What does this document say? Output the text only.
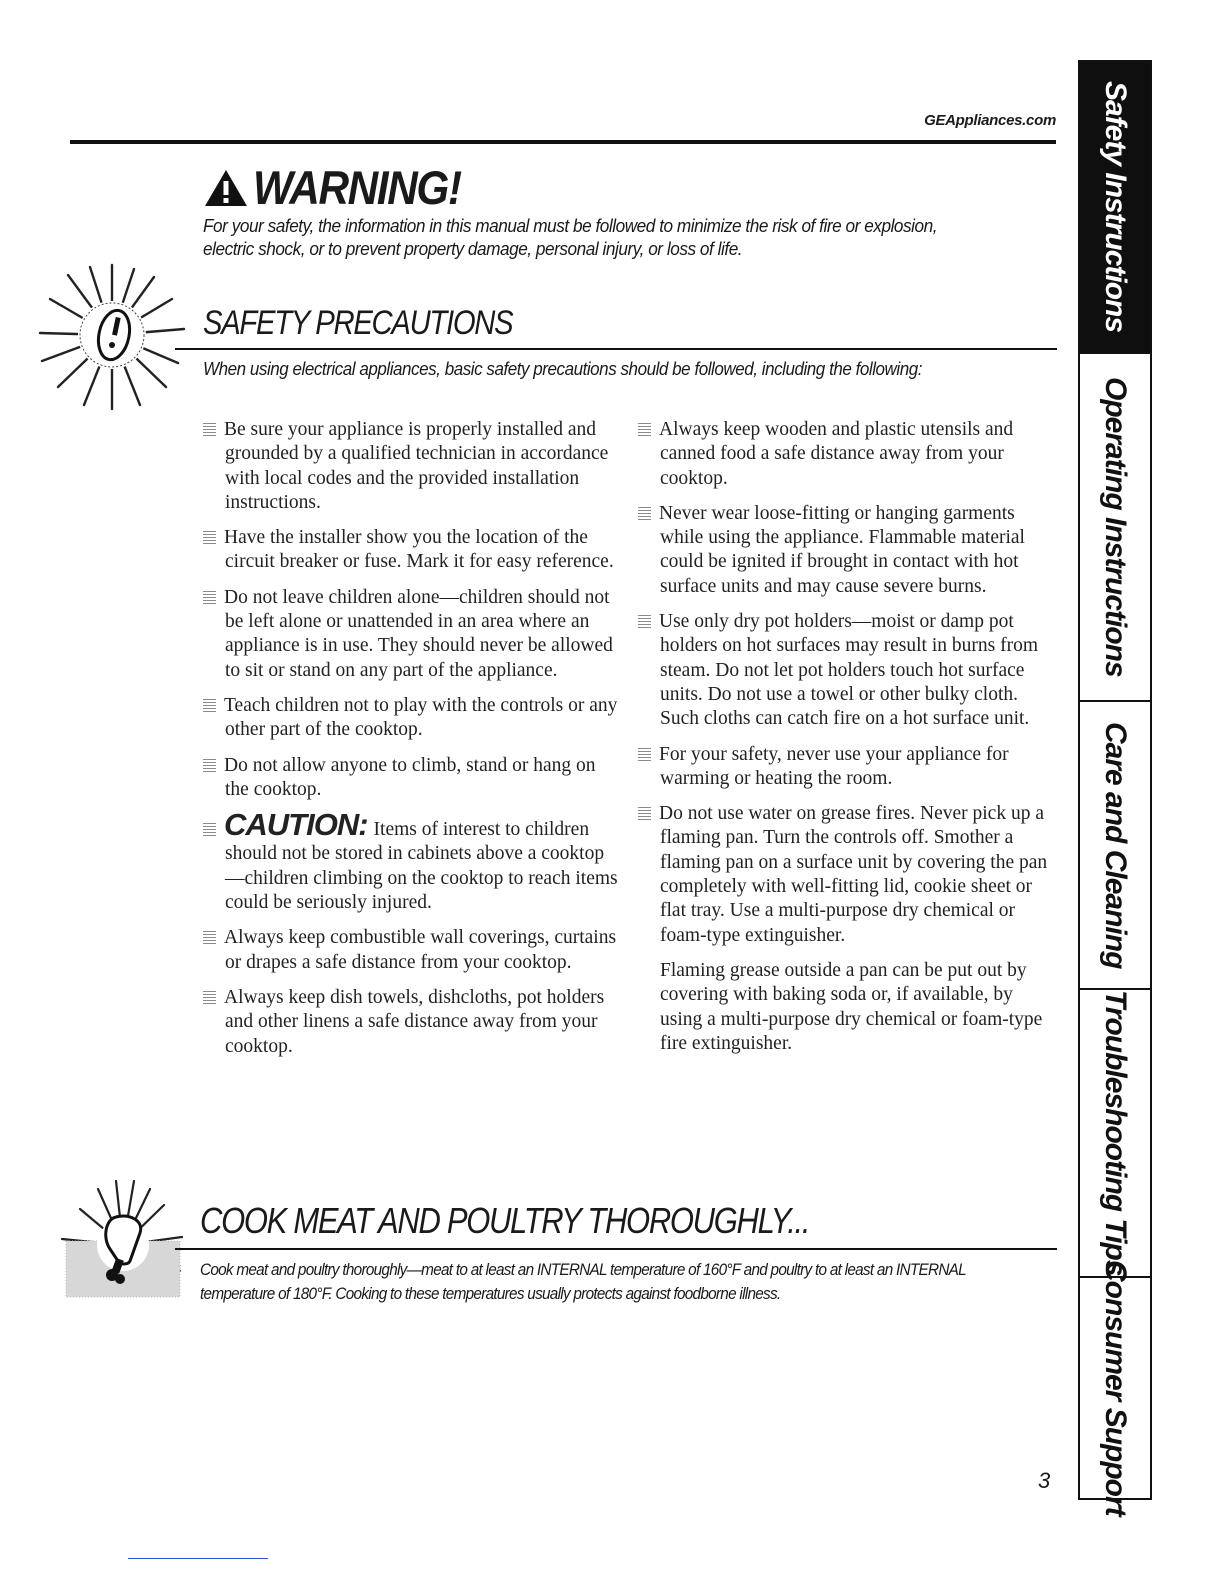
GEAppliances.com
WARNING!
For your safety, the information in this manual must be followed to minimize the risk of fire or explosion, electric shock, or to prevent property damage, personal injury, or loss of life.
SAFETY PRECAUTIONS
When using electrical appliances, basic safety precautions should be followed, including the following:

Be sure your appliance is properly installed and grounded by a qualified technician in accordance with local codes and the provided installation instructions.

Have the installer show you the location of the circuit breaker or fuse. Mark it for easy reference.

Do not leave children alone—children should not be left alone or unattended in an area where an appliance is in use. They should never be allowed to sit or stand on any part of the appliance.

Teach children not to play with the controls or any other part of the cooktop.

Do not allow anyone to climb, stand or hang on the cooktop.

CAUTION: Items of interest to children should not be stored in cabinets above a cooktop—children climbing on the cooktop to reach items could be seriously injured.

Always keep combustible wall coverings, curtains or drapes a safe distance from your cooktop.

Always keep dish towels, dishcloths, pot holders and other linens a safe distance away from your cooktop.

Always keep wooden and plastic utensils and canned food a safe distance away from your cooktop.

Never wear loose-fitting or hanging garments while using the appliance. Flammable material could be ignited if brought in contact with hot surface units and may cause severe burns.

Use only dry pot holders—moist or damp pot holders on hot surfaces may result in burns from steam. Do not let pot holders touch hot surface units. Do not use a towel or other bulky cloth. Such cloths can catch fire on a hot surface unit.

For your safety, never use your appliance for warming or heating the room.

Do not use water on grease fires. Never pick up a flaming pan. Turn the controls off. Smother a flaming pan on a surface unit by covering the pan completely with well-fitting lid, cookie sheet or flat tray. Use a multi-purpose dry chemical or foam-type extinguisher.

Flaming grease outside a pan can be put out by covering with baking soda or, if available, by using a multi-purpose dry chemical or foam-type fire extinguisher.

COOK MEAT AND POULTRY THOROUGHLY...
Cook meat and poultry thoroughly—meat to at least an INTERNAL temperature of 160°F and poultry to at least an INTERNAL temperature of 180°F. Cooking to these temperatures usually protects against foodborne illness.
3
Safety Instructions
Operating Instructions
Care and Cleaning
Troubleshooting Tips
Consumer Support
